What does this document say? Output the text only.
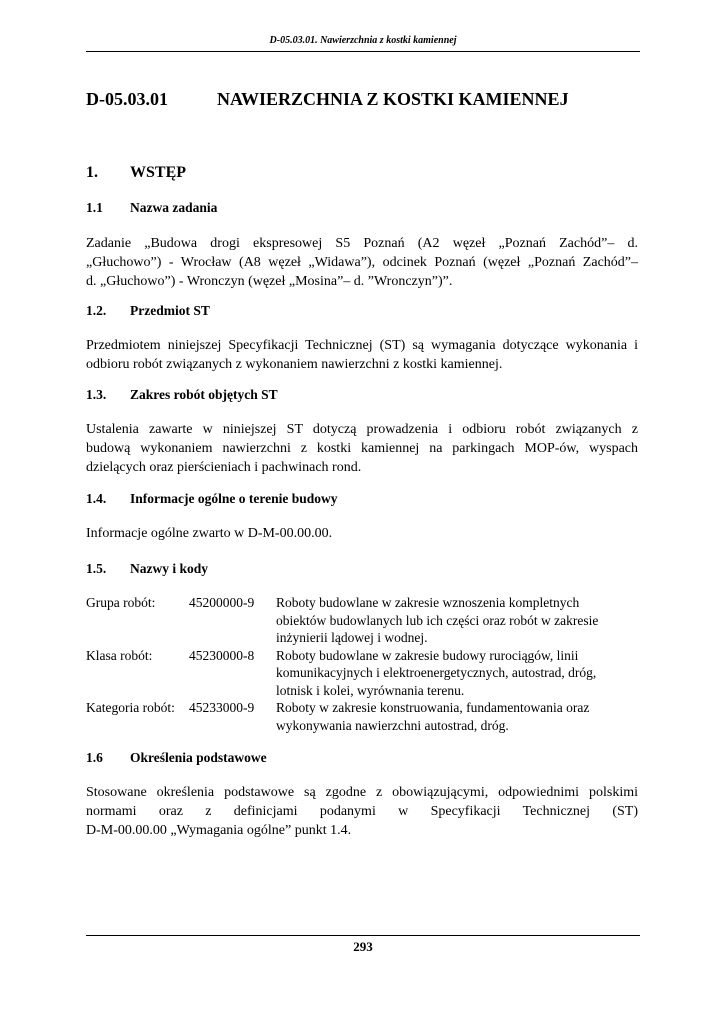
D-05.03.01. Nawierzchnia z kostki kamiennej
D-05.03.01	NAWIERZCHNIA Z KOSTKI KAMIENNEJ
1. WSTĘP
1.1 Nazwa zadania
Zadanie „Budowa drogi ekspresowej S5 Poznań (A2 węzeł „Poznań Zachód”– d.
„Głuchowo”) - Wrocław (A8 węzeł „Widawa”), odcinek Poznań (węzeł „Poznań Zachód”–
d. „Głuchowo”) - Wronczyn (węzeł „Mosina”– d. ”Wronczyn”)”.
1.2. Przedmiot ST
Przedmiotem niniejszej Specyfikacji Technicznej (ST) są wymagania dotyczące wykonania i
odbioru robót związanych z wykonaniem nawierzchni z kostki kamiennej.
1.3. Zakres robót objętych ST
Ustalenia zawarte w niniejszej ST dotyczą prowadzenia i odbioru robót związanych z
budową wykonaniem nawierzchni z kostki kamiennej na parkingach MOP-ów, wyspach
dzielących oraz pierścieniach i pachwinach rond.
1.4. Informacje ogólne o terenie budowy
Informacje ogólne zwarto w D-M-00.00.00.
1.5. Nazwy i kody
Grupa robót:	45200000-9	Roboty budowlane w zakresie wznoszenia kompletnych
obiektów budowlanych lub ich części oraz robót w zakresie
inżynierii lądowej i wodnej.
Klasa robót:	45230000-8	Roboty budowlane w zakresie budowy rurociągów, linii
komunikacyjnych i elektroenergetycznych, autostrad, dróg,
lotnisk i kolei, wyrównania terenu.
Kategoria robót:	45233000-9	Roboty w zakresie konstruowania, fundamentowania oraz
wykonywania nawierzchni autostrad, dróg.
1.6 Określenia podstawowe
Stosowane określenia podstawowe są zgodne z obowiązującymi, odpowiednimi polskimi
normami oraz z definicjami podanymi w Specyfikacji Technicznej (ST)
D-M-00.00.00 „Wymagania ogólne” punkt 1.4.
293
